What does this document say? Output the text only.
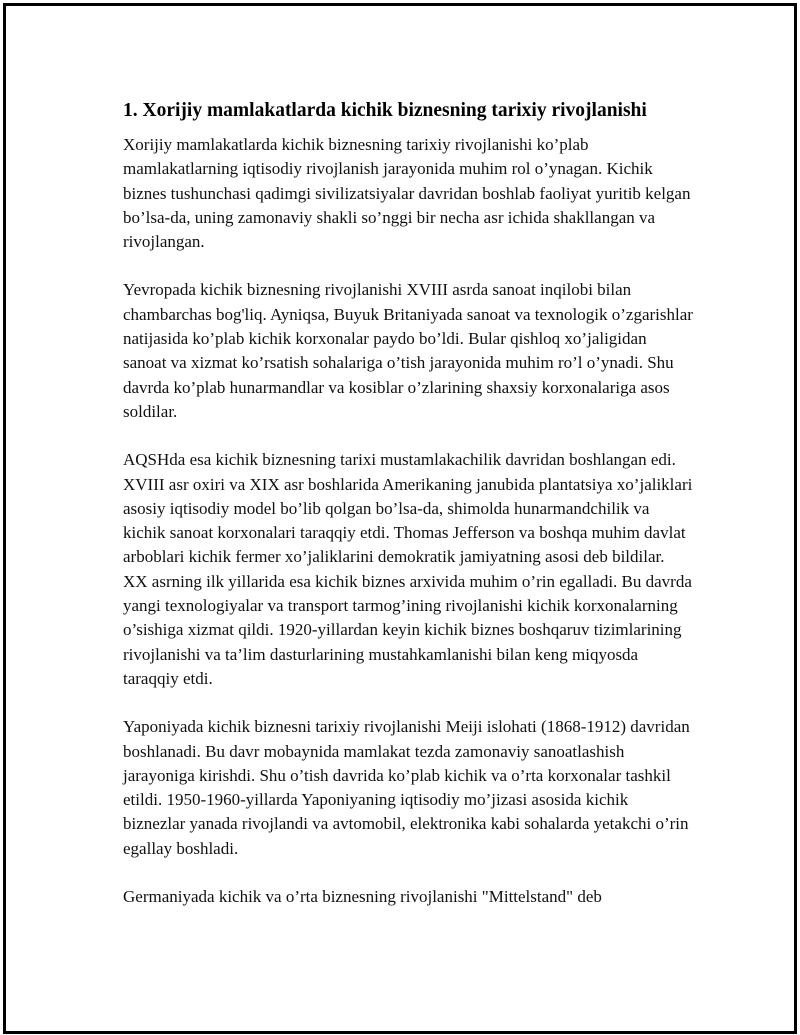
1. Xorijiy mamlakatlarda kichik biznesning tarixiy rivojlanishi

Xorijiy mamlakatlarda kichik biznesning tarixiy rivojlanishi ko’plab mamlakatlarning iqtisodiy rivojlanish jarayonida muhim rol o’ynagan. Kichik biznes tushunchasi qadimgi sivilizatsiyalar davridan boshlab faoliyat yuritib kelgan bo’lsa-da, uning zamonaviy shakli so’nggi bir necha asr ichida shakllangan va rivojlangan.

Yevropada kichik biznesning rivojlanishi XVIII asrda sanoat inqilobi bilan chambarchas bog'liq. Ayniqsa, Buyuk Britaniyada sanoat va texnologik o’zgarishlar natijasida ko’plab kichik korxonalar paydo bo’ldi. Bular qishloq xo’jaligidan sanoat va xizmat ko’rsatish sohalariga o’tish jarayonida muhim ro’l o’ynadi. Shu davrda ko’plab hunarmandlar va kosiblar o’zlarining shaxsiy korxonalariga asos soldilar.

AQSHda esa kichik biznesning tarixi mustamlakachilik davridan boshlangan edi. XVIII asr oxiri va XIX asr boshlarida Amerikaning janubida plantatsiya xo’jaliklari asosiy iqtisodiy model bo’lib qolgan bo’lsa-da, shimolda hunarmandchilik va kichik sanoat korxonalari taraqqiy etdi. Thomas Jefferson va boshqa muhim davlat arboblari kichik fermer xo’jaliklarini demokratik jamiyatning asosi deb bildilar. XX asrning ilk yillarida esa kichik biznes arxivida muhim o’rin egalladi. Bu davrda yangi texnologiyalar va transport tarmog’ining rivojlanishi kichik korxonalarning o’sishiga xizmat qildi. 1920-yillardan keyin kichik biznes boshqaruv tizimlarining rivojlanishi va ta’lim dasturlarining mustahkamlanishi bilan keng miqyosda taraqqiy etdi.

Yaponiyada kichik biznesni tarixiy rivojlanishi Meiji islohati (1868-1912) davridan boshlanadi. Bu davr mobaynida mamlakat tezda zamonaviy sanoatlashish jarayoniga kirishdi. Shu o’tish davrida ko’plab kichik va o’rta korxonalar tashkil etildi. 1950-1960-yillarda Yaponiyaning iqtisodiy mo’jizasi asosida kichik biznezlar yanada rivojlandi va avtomobil, elektronika kabi sohalarda yetakchi o’rin egallay boshladi.

Germaniyada kichik va o’rta biznesning rivojlanishi "Mittelstand" deb
